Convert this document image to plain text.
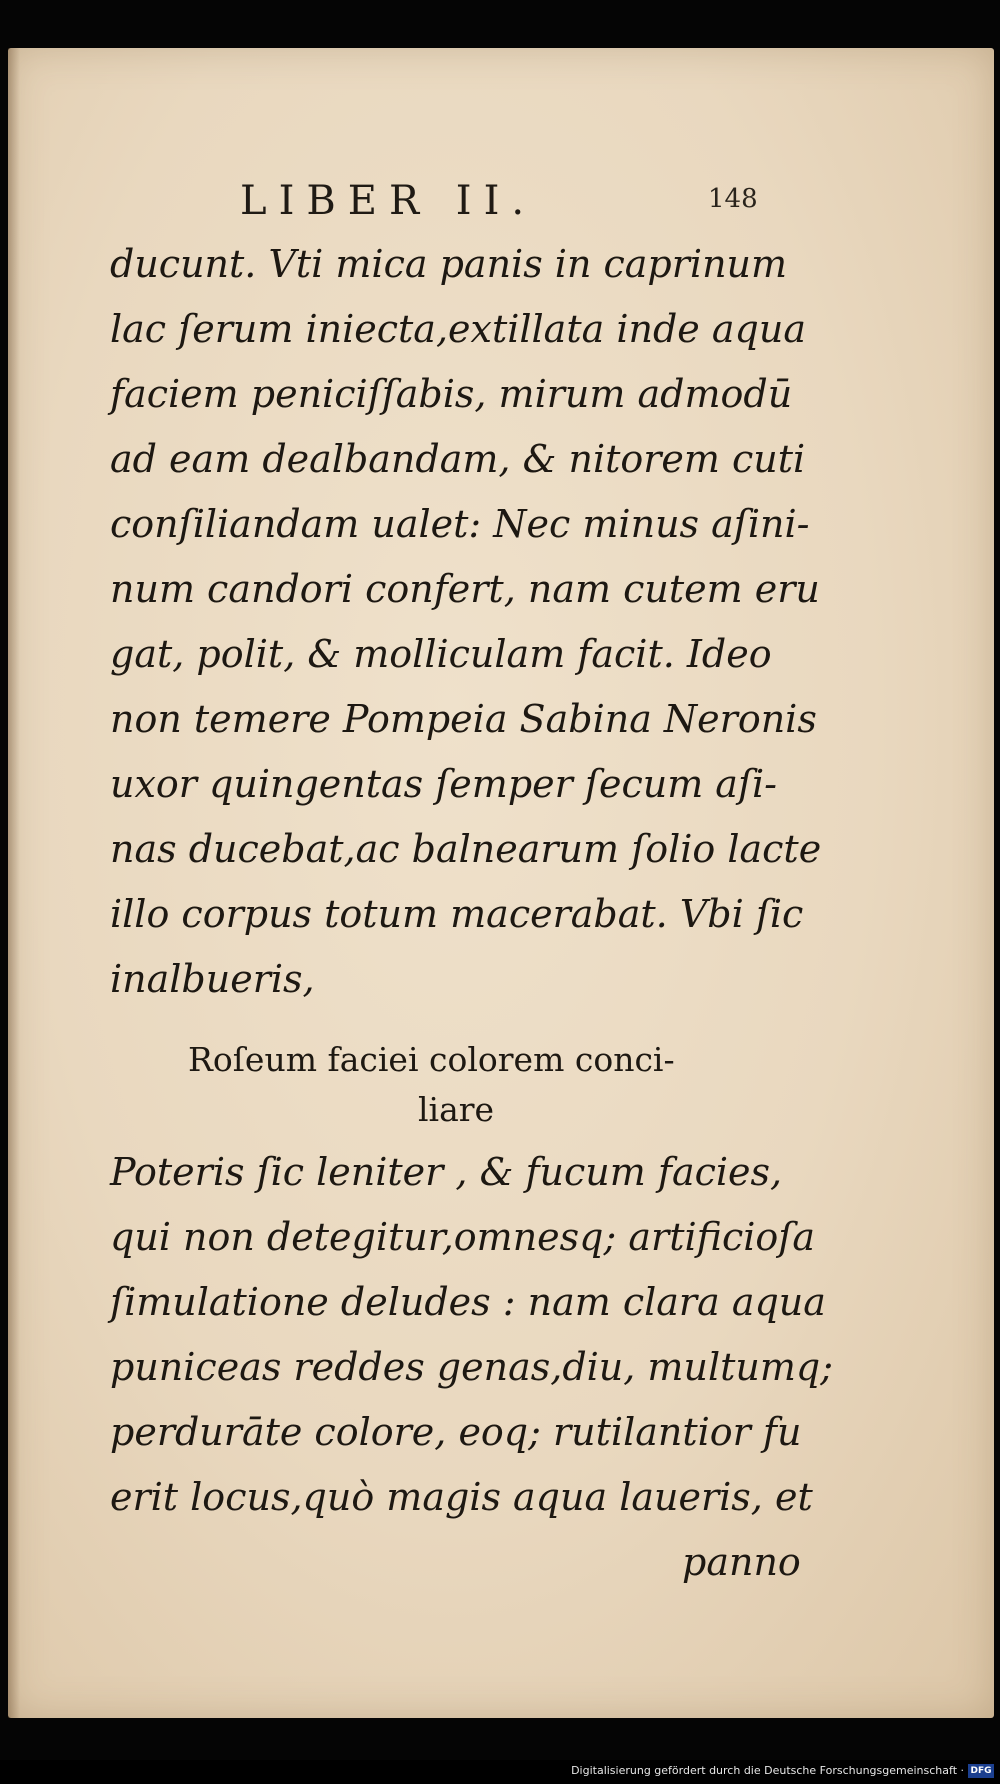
LIBER II.	148
ducunt. Vti mica panis in caprinum
lac ſerum iniecta,extillata inde aqua
faciem peniciſſabis, mirum admodū
ad eam dealbandam, & nitorem cuti
conſiliandam ualet: Nec minus aſini-
num candori confert, nam cutem eru
gat, polit, & molliculam facit. Ideo
non temere Pompeia Sabina Neronis
uxor quingentas ſemper ſecum aſi-
nas ducebat,ac balnearum ſolio lacte
illo corpus totum macerabat. Vbi ſic
inalbueris,
Roſeum faciei colorem conci-
liare
Poteris ſic leniter , & fucum facies,
qui non detegitur,omnesq; artificioſa
ſimulatione deludes : nam clara aqua
puniceas reddes genas,diu, multumq;
perdurāte colore, eoq; rutilantior fu
erit locus,quò magis aqua laueris, et
panno
Digitalisierung gefördert durch die Deutsche Forschungsgemeinschaft · DFG
